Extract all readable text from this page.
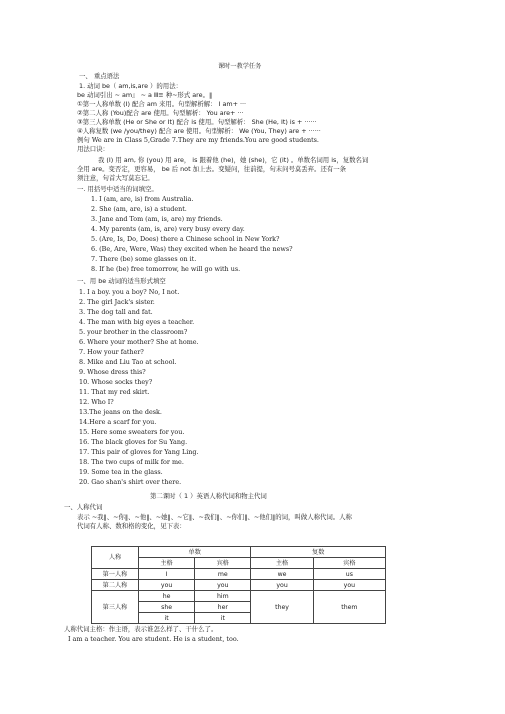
课时一教学任务
一、 重点语法
1. 动词 be（ am,is,are ）的用法：
be 动词引出 ~ am』 ~ a Ⅲ≡ 种~形式 are。‖
①第一人称单数 (I) 配合 am 来用。句型解析解： I am+ ···
②第二人称 (You)配合 are 使用。句型解析： You are+ ···
③第三人称单数 (He or She or It) 配合 is 使用。句型解析： She (He, It) is + ······
④人称复数 (we /you/they) 配合 are 使用。句型解析： We (You, They) are + ······
例句 We are in Class 5,Grade 7.They are my friends.You are good students.
用法口诀：
我 (I) 用 am, 你 (you) 用 are， is 跟着他 (he)，她 (she)，它 (it) 。单数名词用 is，复数名词
全用 are。变否定，更容易， be 后 not 加上去。变疑问，往前提，句末问号莫丢弃。还有一条
须注意，句首大写莫忘记。
一. 用括号中适当的词填空。
1. I (am, are, is) from Australia.
2. She (am, are, is) a student.
3. Jane and Tom (am, is, are) my friends.
4. My parents (am, is, are) very busy every day.
5. (Are, Is, Do, Does) there a Chinese school in New York?
6. (Be, Are, Were, Was) they excited when he heard the news?
7. There (be) some glasses on it.
8. If he (be) free tomorrow, he will go with us.
一、用 be 动词的适当形式填空
1. I a boy. you a boy? No, I not.
2. The girl Jack's sister.
3. The dog tall and fat.
4. The man with big eyes a teacher.
5. your brother in the classroom?
6. Where your mother? She at home.
7. How your father?
8. Mike and Liu Tao at school.
9. Whose dress this?
10. Whose socks they?
11. That my red skirt.
12. Who I?
13.The jeans on the desk.
14.Here a scarf for you.
15. Here some sweaters for you.
16. The black gloves for Su Yang.
17. This pair of gloves for Yang Ling.
18. The two cups of milk for me.
19. Some tea in the glass.
20. Gao shan's shirt over there.
第二课时（ 1 ）英语人称代词和物主代词
一、人称代词
表示 ~我‖、~你‖、~他‖、~她‖、~它‖、~我们‖、~你们‖、~他们‖的词，叫做人称代词。人称
代词有人称、数和格的变化，见下表：
人称	单数		复数	
	主格	宾格	主格	宾格
第一人称	I	me	we	us
第二人称	you	you	you	you
第三人称	he	him	they	them
	she	her		
	it	it		
人称代词主格：作主语，表示谁怎么样了、干什么了。
I am a teacher. You are student. He is a student, too.
